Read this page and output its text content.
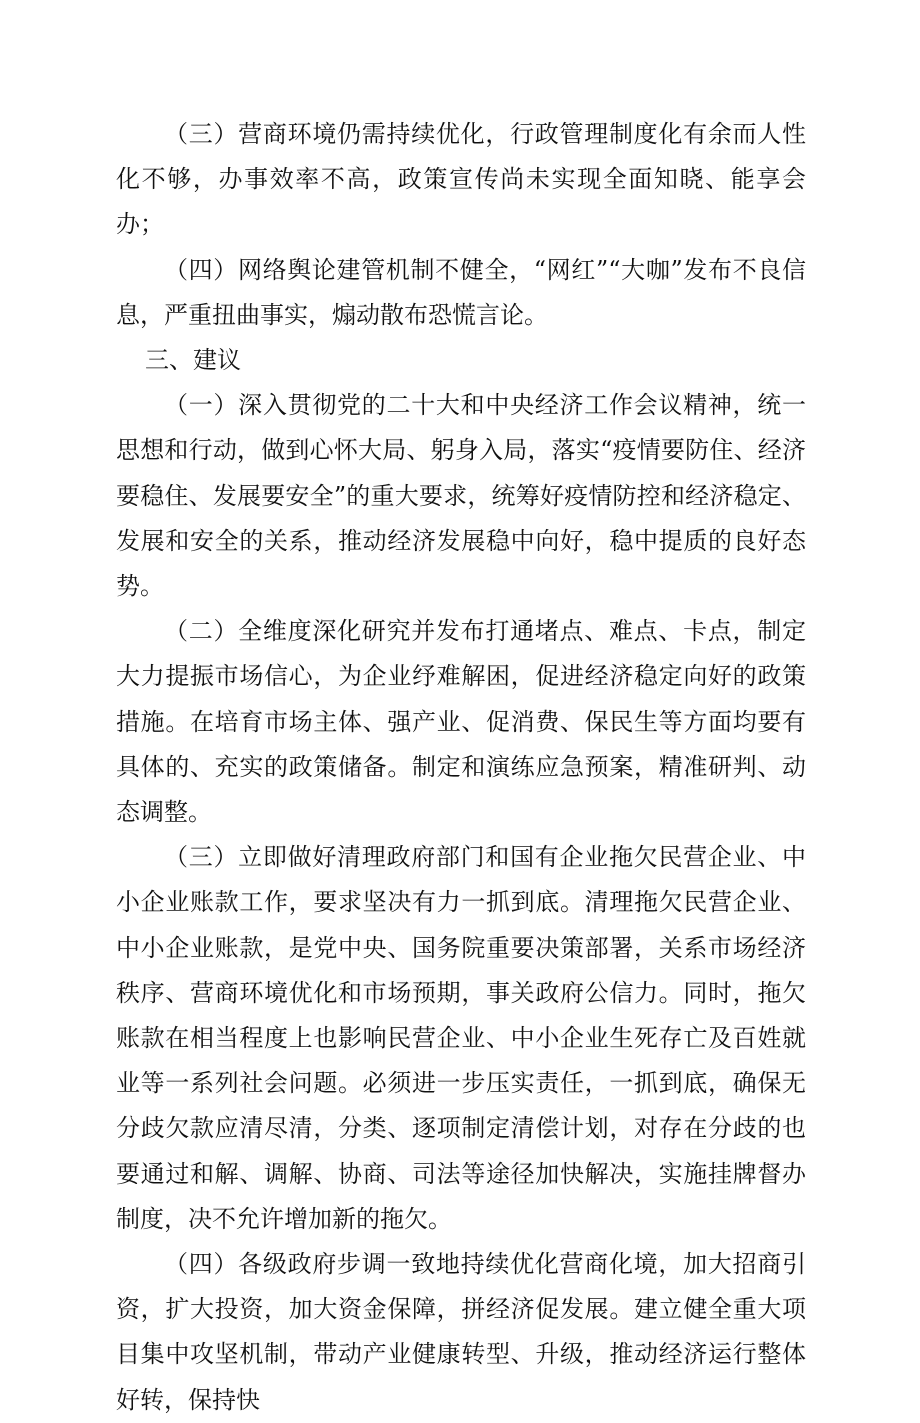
（三）营商环境仍需持续优化，行政管理制度化有余而人性化不够，办事效率不高，政策宣传尚未实现全面知晓、能享会办；

（四）网络舆论建管机制不健全，“网红”“大咖”发布不良信息，严重扭曲事实，煽动散布恐慌言论。

三、建议

（一）深入贯彻党的二十大和中央经济工作会议精神，统一思想和行动，做到心怀大局、躬身入局，落实“疫情要防住、经济要稳住、发展要安全”的重大要求，统筹好疫情防控和经济稳定、发展和安全的关系，推动经济发展稳中向好，稳中提质的良好态势。

（二）全维度深化研究并发布打通堵点、难点、卡点，制定大力提振市场信心，为企业纾难解困，促进经济稳定向好的政策措施。在培育市场主体、强产业、促消费、保民生等方面均要有具体的、充实的政策储备。制定和演练应急预案，精准研判、动态调整。

（三）立即做好清理政府部门和国有企业拖欠民营企业、中小企业账款工作，要求坚决有力一抓到底。清理拖欠民营企业、中小企业账款，是党中央、国务院重要决策部署，关系市场经济秩序、营商环境优化和市场预期，事关政府公信力。同时，拖欠账款在相当程度上也影响民营企业、中小企业生死存亡及百姓就业等一系列社会问题。必须进一步压实责任，一抓到底，确保无分歧欠款应清尽清，分类、逐项制定清偿计划，对存在分歧的也要通过和解、调解、协商、司法等途径加快解决，实施挂牌督办制度，决不允许增加新的拖欠。

（四）各级政府步调一致地持续优化营商化境，加大招商引资，扩大投资，加大资金保障，拼经济促发展。建立健全重大项目集中攻坚机制，带动产业健康转型、升级，推动经济运行整体好转，保持快
